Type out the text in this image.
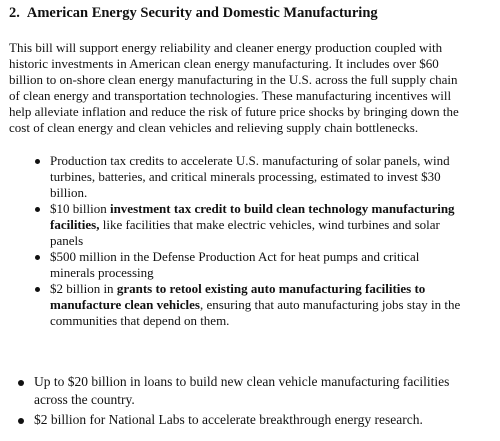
2. American Energy Security and Domestic Manufacturing

This bill will support energy reliability and cleaner energy production coupled with
historic investments in American clean energy manufacturing. It includes over $60
billion to on-shore clean energy manufacturing in the U.S. across the full supply chain
of clean energy and transportation technologies. These manufacturing incentives will
help alleviate inflation and reduce the risk of future price shocks by bringing down the
cost of clean energy and clean vehicles and relieving supply chain bottlenecks.

Production tax credits to accelerate U.S. manufacturing of solar panels, wind
turbines, batteries, and critical minerals processing, estimated to invest $30
billion.
$10 billion investment tax credit to build clean technology manufacturing
facilities, like facilities that make electric vehicles, wind turbines and solar
panels
$500 million in the Defense Production Act for heat pumps and critical
minerals processing
$2 billion in grants to retool existing auto manufacturing facilities to
manufacture clean vehicles, ensuring that auto manufacturing jobs stay in the
communities that depend on them.
Up to $20 billion in loans to build new clean vehicle manufacturing facilities
across the country.
$2 billion for National Labs to accelerate breakthrough energy research.
